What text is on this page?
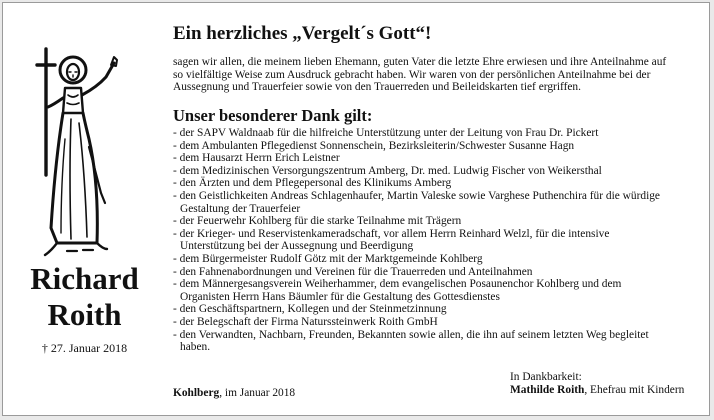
Richard
Roith
† 27. Januar 2018
Ein herzliches „Vergelt´s Gott“!
sagen wir allen, die meinem lieben Ehemann, guten Vater die letzte Ehre erwiesen und ihre Anteilnahme auf
so vielfältige Weise zum Ausdruck gebracht haben. Wir waren von der persönlichen Anteilnahme bei der
Aussegnung und Trauerfeier sowie von den Trauerreden und Beileidskarten tief ergriffen.
Unser besonderer Dank gilt:
- der SAPV Waldnaab für die hilfreiche Unterstützung unter der Leitung von Frau Dr. Pickert
- dem Ambulanten Pflegedienst Sonnenschein, Bezirksleiterin/Schwester Susanne Hagn
- dem Hausarzt Herrn Erich Leistner
- dem Medizinischen Versorgungszentrum Amberg, Dr. med. Ludwig Fischer von Weikersthal
- den Ärzten und dem Pflegepersonal des Klinikums Amberg
- den Geistlichkeiten Andreas Schlagenhaufer, Martin Valeske sowie Varghese Puthenchira für die würdige
Gestaltung der Trauerfeier
- der Feuerwehr Kohlberg für die starke Teilnahme mit Trägern
- der Krieger- und Reservistenkameradschaft, vor allem Herrn Reinhard Welzl, für die intensive
Unterstützung bei der Aussegnung und Beerdigung
- dem Bürgermeister Rudolf Götz mit der Marktgemeinde Kohlberg
- den Fahnenabordnungen und Vereinen für die Trauerreden und Anteilnahmen
- dem Männergesangsverein Weiherhammer, dem evangelischen Posaunenchor Kohlberg und dem
Organisten Herrn Hans Bäumler für die Gestaltung des Gottesdienstes
- den Geschäftspartnern, Kollegen und der Steinmetzinnung
- der Belegschaft der Firma Naturssteinwerk Roith GmbH
- den Verwandten, Nachbarn, Freunden, Bekannten sowie allen, die ihn auf seinem letzten Weg begleitet
haben.
Kohlberg, im Januar 2018
In Dankbarkeit:
Mathilde Roith, Ehefrau mit Kindern
